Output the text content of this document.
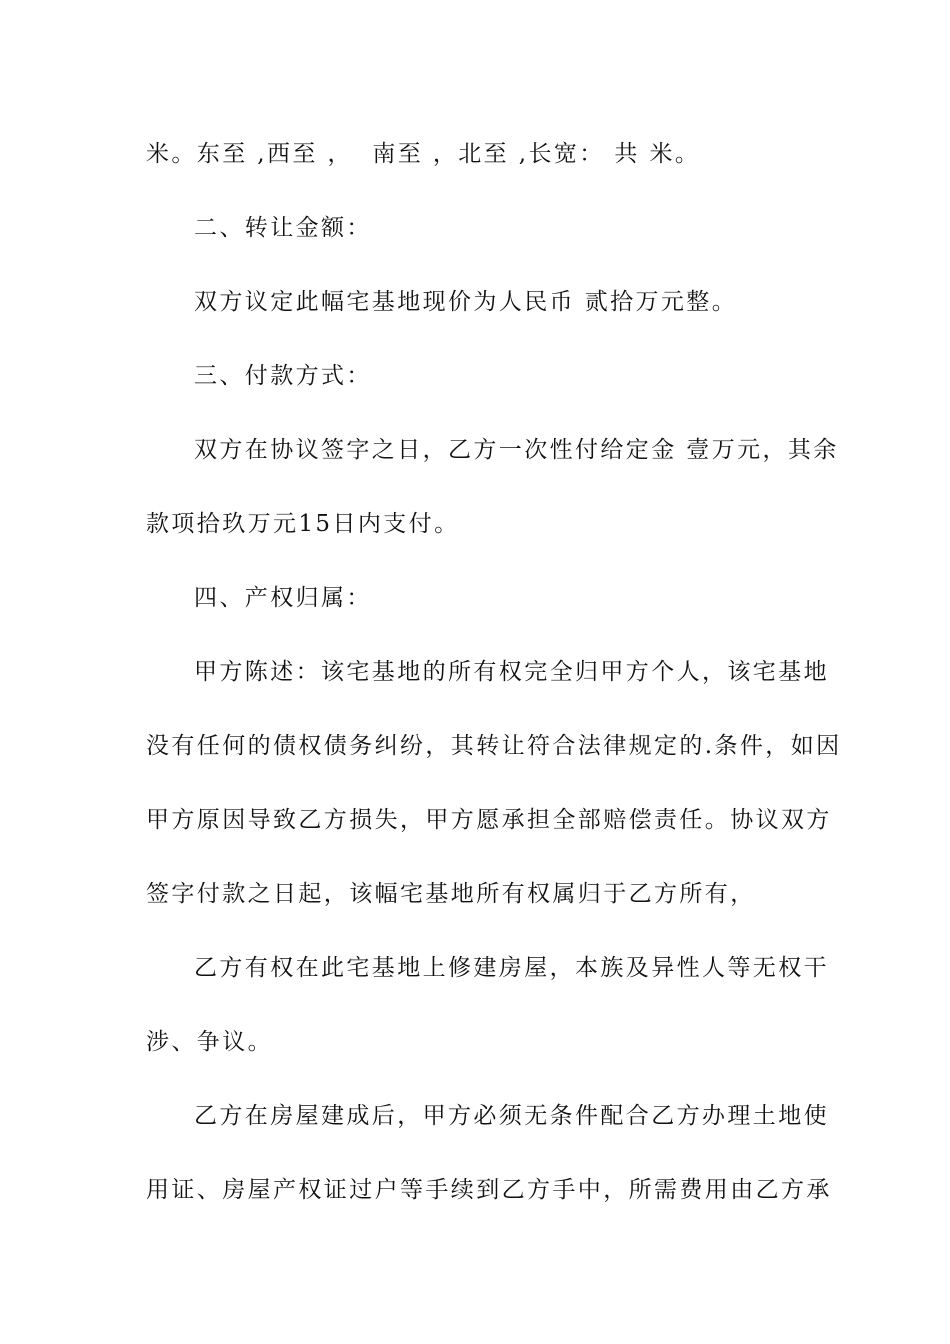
米。东至 ,西至 ，  南至 ，北至 ,长宽： 共 米。
二、转让金额：
双方议定此幅宅基地现价为人民币 贰拾万元整。
三、付款方式：
双方在协议签字之日，乙方一次性付给定金 壹万元，其余
款项拾玖万元15日内支付。
四、产权归属：
甲方陈述：该宅基地的所有权完全归甲方个人，该宅基地
没有任何的债权债务纠纷，其转让符合法律规定的.条件，如因
甲方原因导致乙方损失，甲方愿承担全部赔偿责任。协议双方
签字付款之日起，该幅宅基地所有权属归于乙方所有，
乙方有权在此宅基地上修建房屋，本族及异性人等无权干
涉、争议。
乙方在房屋建成后，甲方必须无条件配合乙方办理土地使
用证、房屋产权证过户等手续到乙方手中，所需费用由乙方承
